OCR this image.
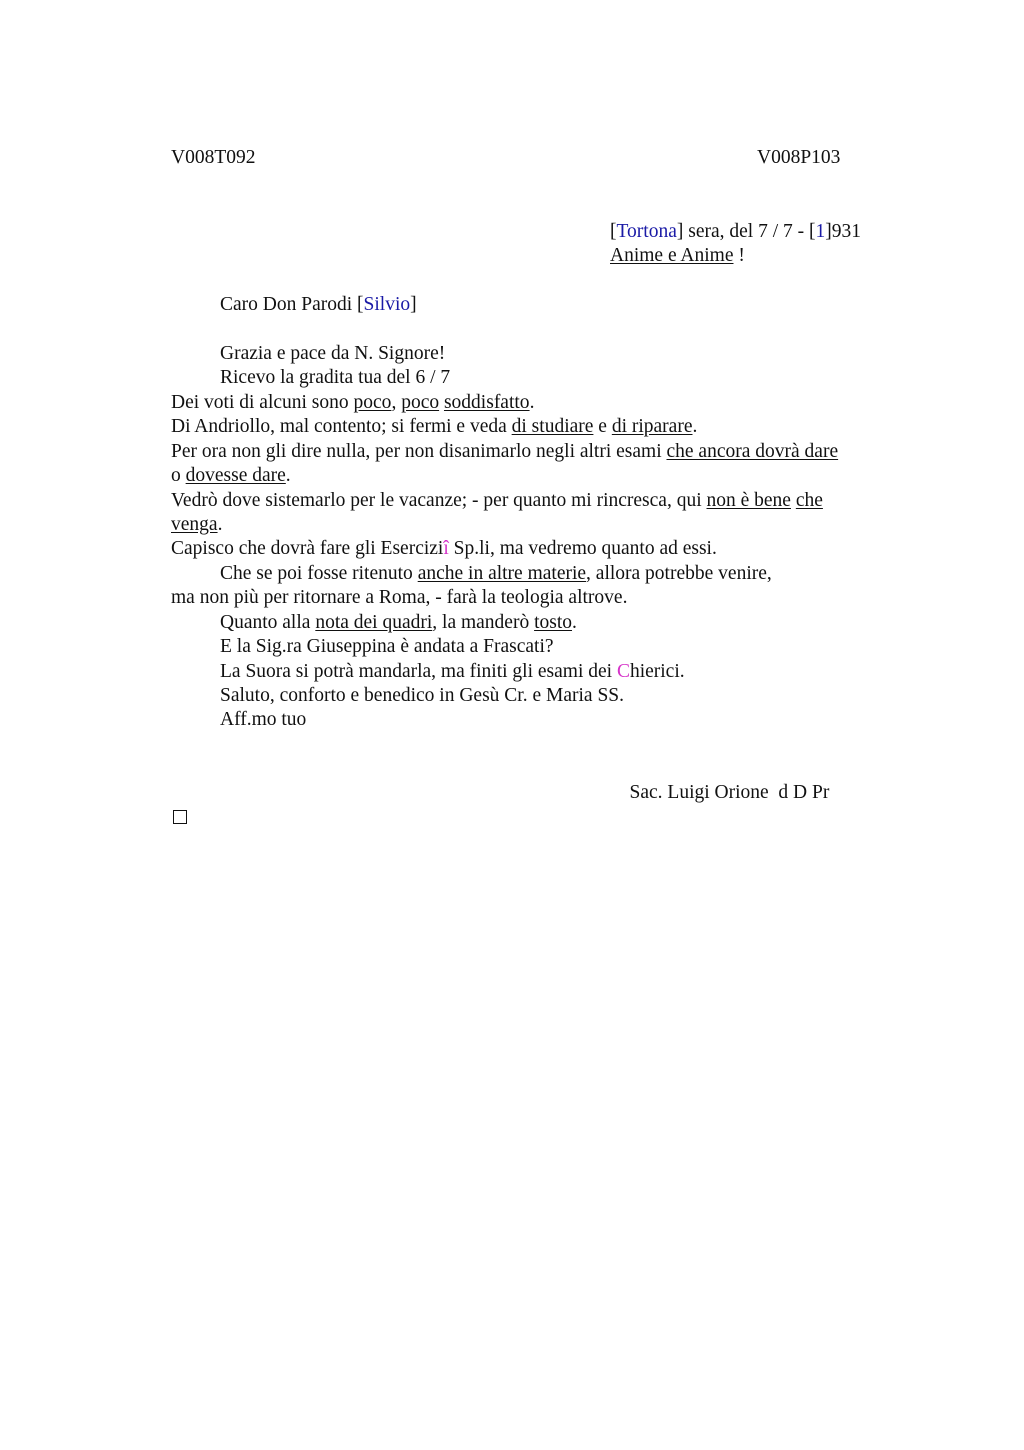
V008T092	V008P103
[Tortona] sera, del 7 / 7 - [1]931
Anime e Anime !
Caro Don Parodi [Silvio]
Grazia e pace da N. Signore!
Ricevo la gradita tua del 6 / 7
Dei voti di alcuni sono poco, poco soddisfatto.
Di Andriollo, mal contento; si fermi e veda di studiare e di riparare.
Per ora non gli dire nulla, per non disanimarlo negli altri esami che ancora dovrà dare
o dovesse dare.
Vedrò dove sistemarlo per le vacanze; - per quanto mi rincresca, qui non è bene che
venga.
Capisco che dovrà fare gli Eserciziî Sp.li, ma vedremo quanto ad essi.
Che se poi fosse ritenuto anche in altre materie, allora potrebbe venire,
ma non più per ritornare a Roma, - farà la teologia altrove.
Quanto alla nota dei quadri, la manderò tosto.
E la Sig.ra Giuseppina è andata a Frascati?
La Suora si potrà mandarla, ma finiti gli esami dei Chierici.
Saluto, conforto e benedico in Gesù Cr. e Maria SS.
Aff.mo tuo

Sac. Luigi Orione  d D Pr
